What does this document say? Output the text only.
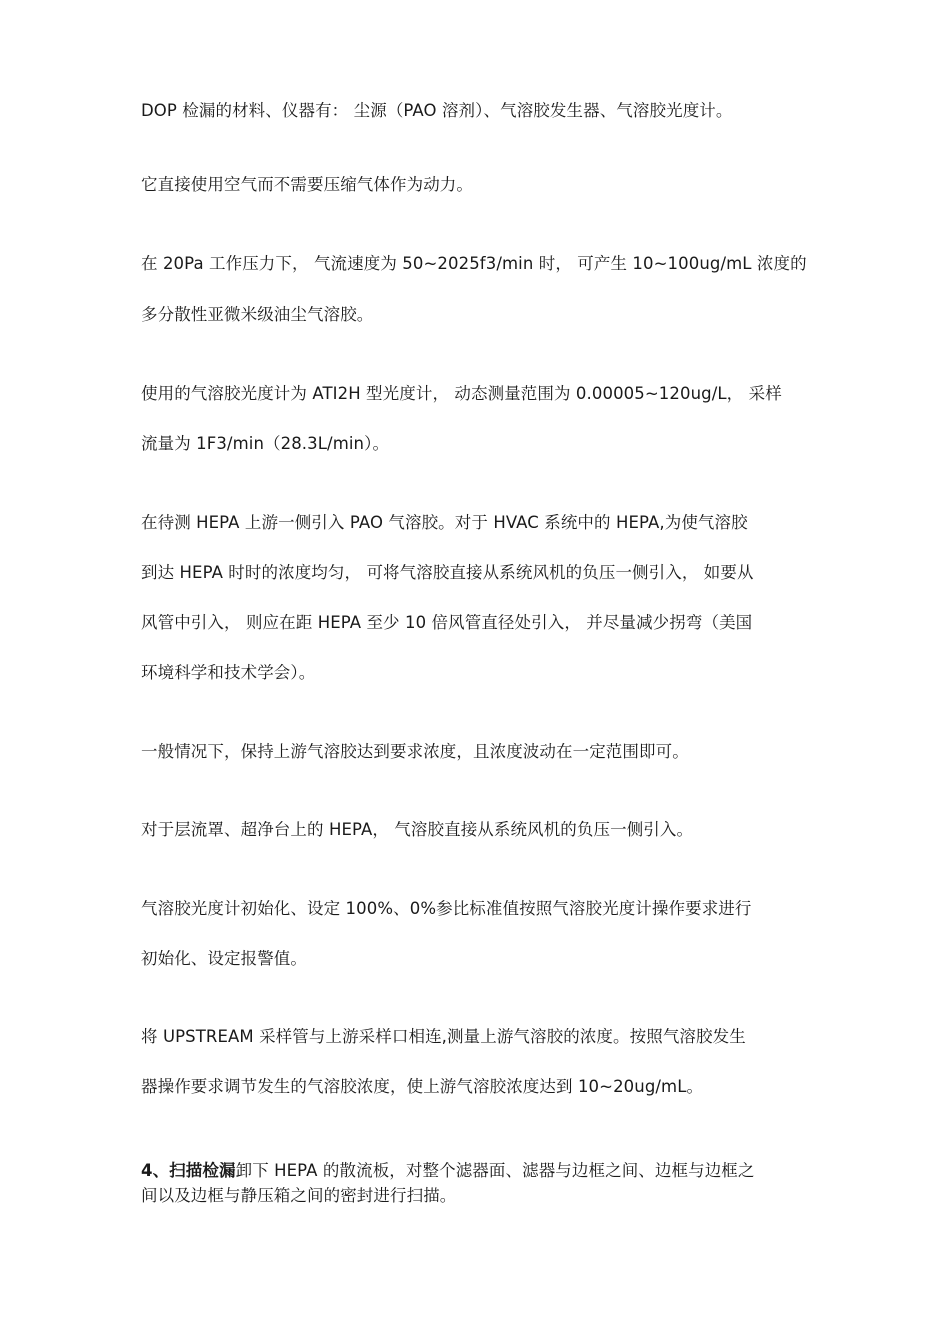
DOP 检漏的材料、仪器有： 尘源（PAO 溶剂）、气溶胶发生器、气溶胶光度计。
它直接使用空气而不需要压缩气体作为动力。
在 20Pa 工作压力下， 气流速度为 50~2025f3/min 时， 可产生 10~100ug/mL 浓度的
多分散性亚微米级油尘气溶胶。
使用的气溶胶光度计为 ATI2H 型光度计， 动态测量范围为 0.00005~120ug/L， 采样
流量为 1F3/min（28.3L/min）。
在待测 HEPA 上游一侧引入 PAO 气溶胶。对于 HVAC 系统中的 HEPA,为使气溶胶
到达 HEPA 时时的浓度均匀， 可将气溶胶直接从系统风机的负压一侧引入， 如要从
风管中引入， 则应在距 HEPA 至少 10 倍风管直径处引入， 并尽量减少拐弯（美国
环境科学和技术学会）。
一般情况下，保持上游气溶胶达到要求浓度，且浓度波动在一定范围即可。
对于层流罩、超净台上的 HEPA， 气溶胶直接从系统风机的负压一侧引入。
气溶胶光度计初始化、设定 100%、0%参比标准值按照气溶胶光度计操作要求进行
初始化、设定报警值。
将 UPSTREAM 采样管与上游采样口相连,测量上游气溶胶的浓度。按照气溶胶发生
器操作要求调节发生的气溶胶浓度，使上游气溶胶浓度达到 10~20ug/mL。
4、扫描检漏卸下 HEPA 的散流板，对整个滤器面、滤器与边框之间、边框与边框之
间以及边框与静压箱之间的密封进行扫描。
